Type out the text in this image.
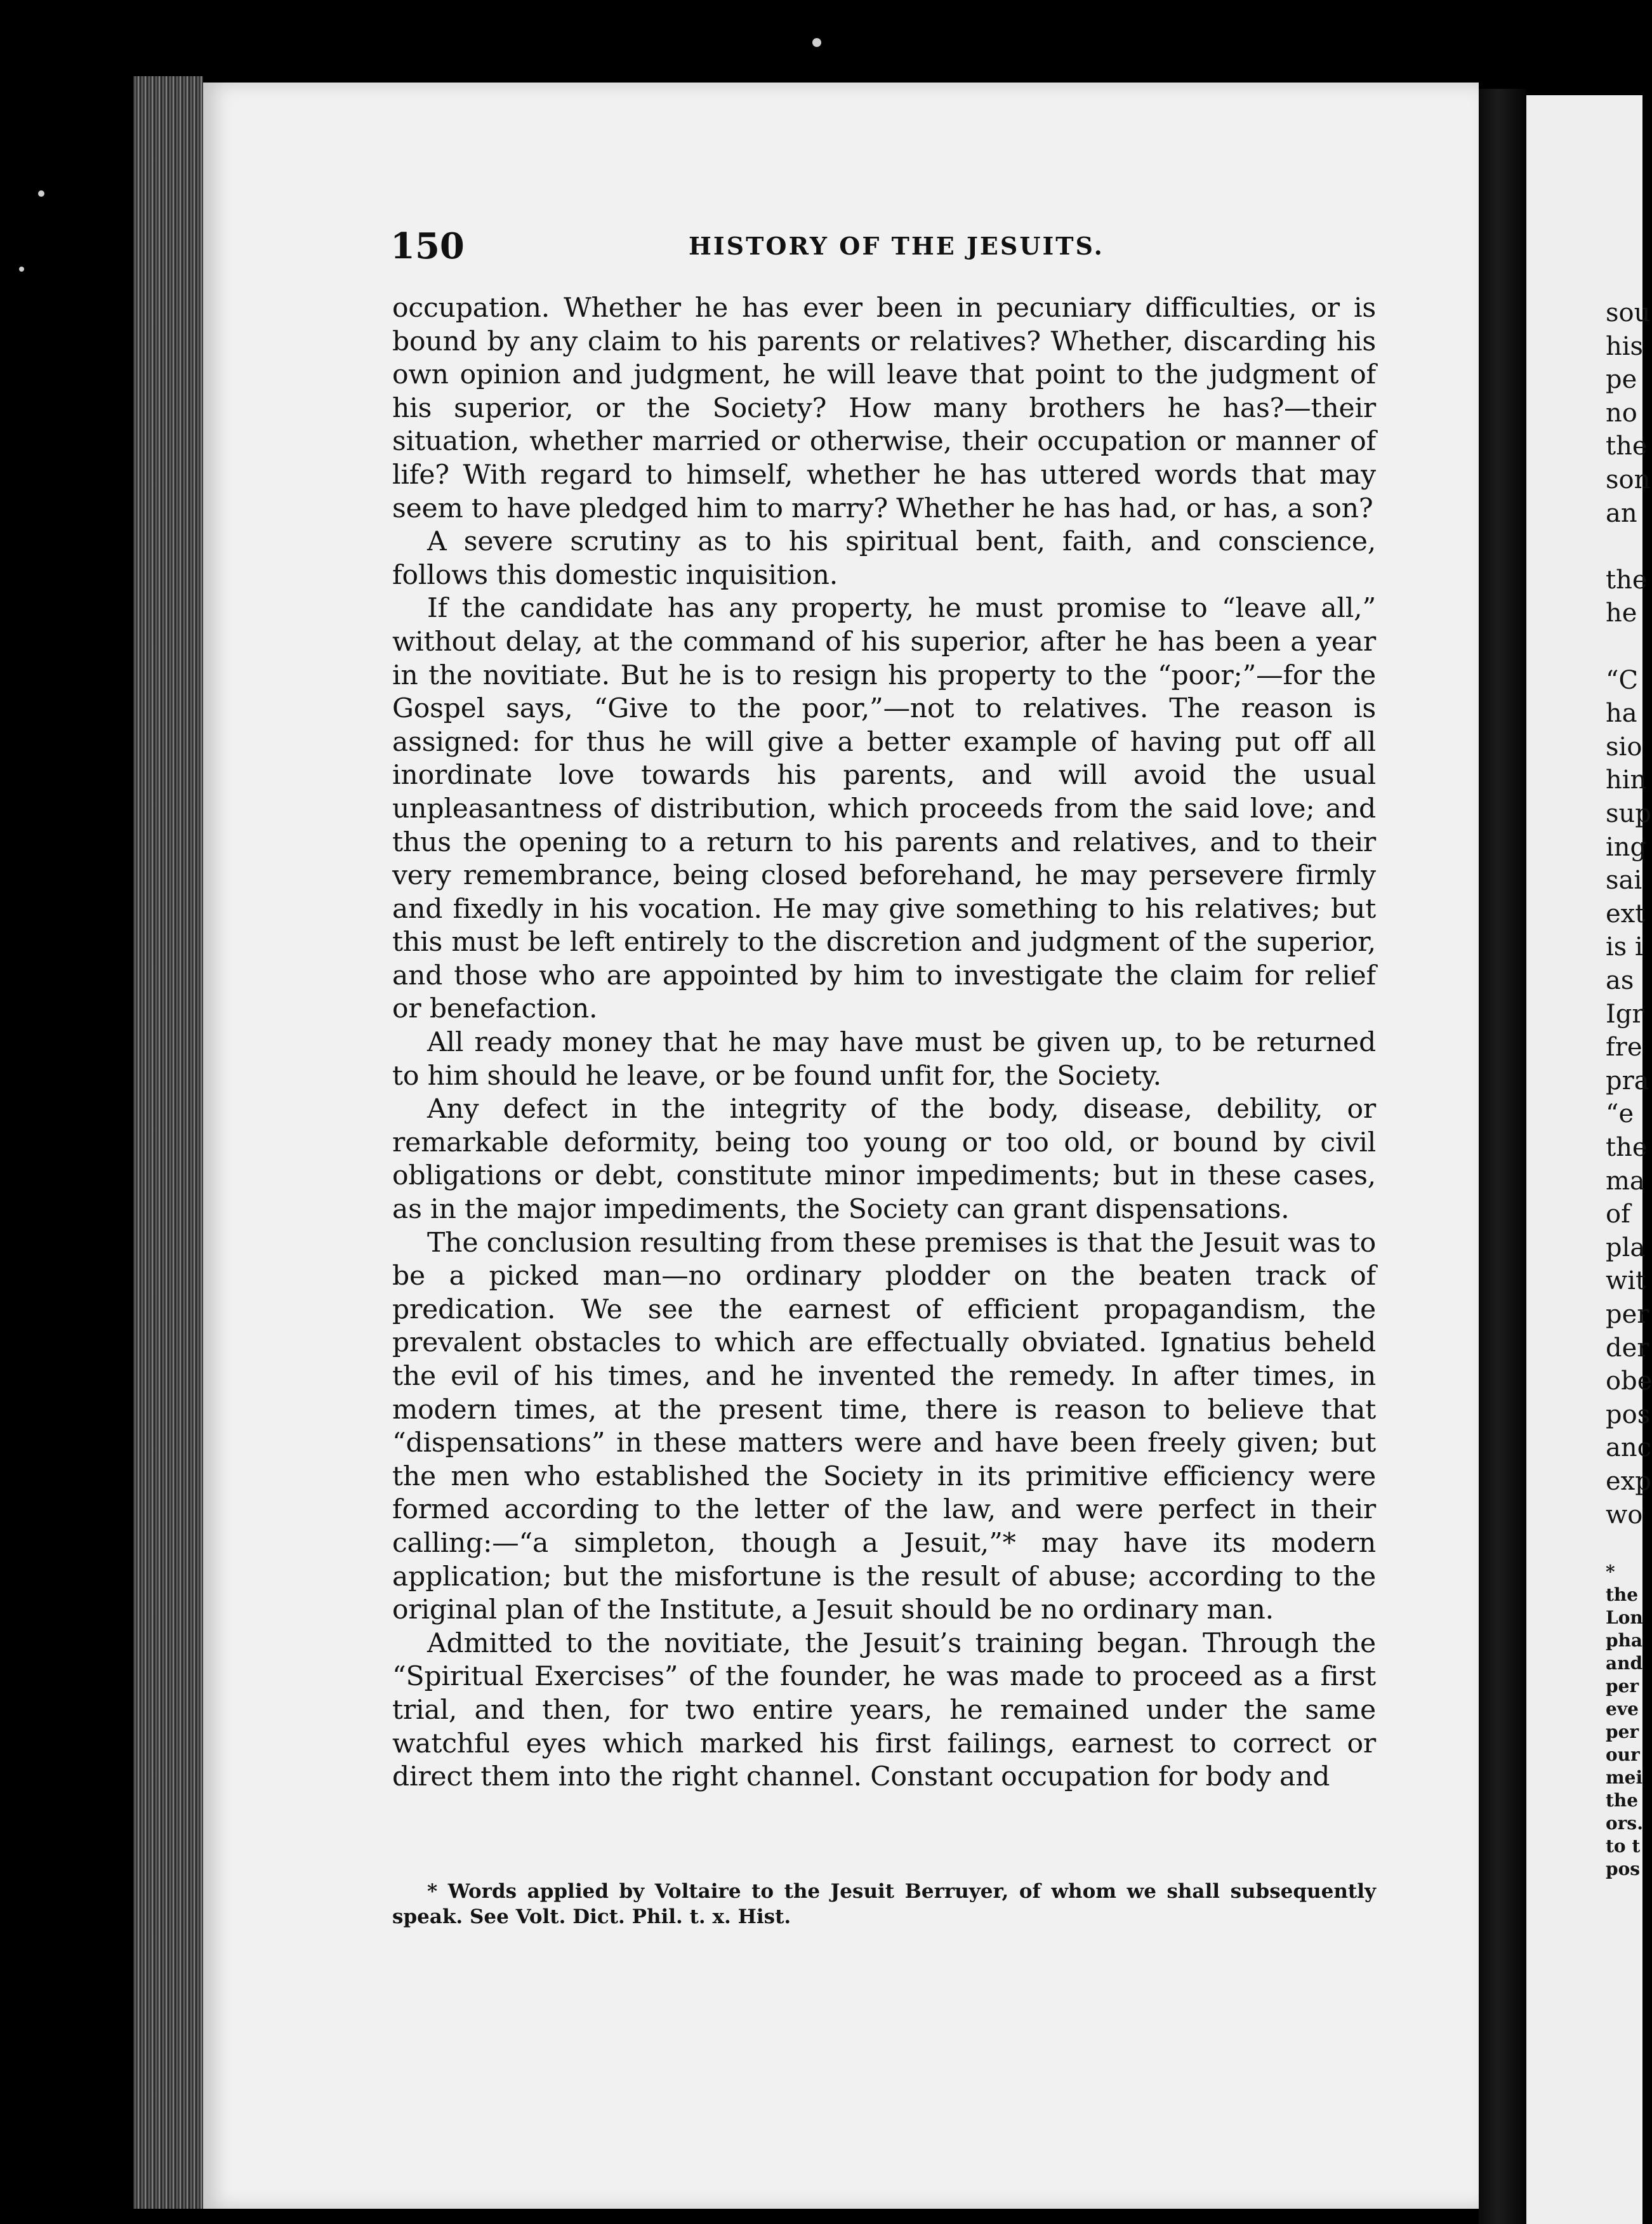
sou
his
pe
no
the
son
an
the
he
“C
ha
sio
hin
sup
ing
sai
ext
is i
as
Igr
fre
pra
“e
the
ma
of
pla
wit
per
der
obe
pos
anc
exp
wo
*
the
Lon
pha
and
per
eve
per
our
mei
the
ors.
to t
pos
150	HISTORY OF THE JESUITS.

occupation. Whether he has ever been in pecuniary difficulties, or is bound by any claim to his parents or relatives? Whether, discarding his own opinion and judgment, he will leave that point to the judgment of his superior, or the Society? How many brothers he has?—their situation, whether married or otherwise, their occupation or manner of life? With regard to himself, whether he has uttered words that may seem to have pledged him to marry? Whether he has had, or has, a son?

A severe scrutiny as to his spiritual bent, faith, and conscience, follows this domestic inquisition.

If the candidate has any property, he must promise to “leave all,” without delay, at the command of his superior, after he has been a year in the novitiate. But he is to resign his property to the “poor;”—for the Gospel says, “Give to the poor,”—not to relatives. The reason is assigned: for thus he will give a better example of having put off all inordinate love towards his parents, and will avoid the usual unpleasantness of distribution, which proceeds from the said love; and thus the opening to a return to his parents and relatives, and to their very remembrance, being closed beforehand, he may persevere firmly and fixedly in his vocation. He may give something to his relatives; but this must be left entirely to the discretion and judgment of the superior, and those who are appointed by him to investigate the claim for relief or benefaction.

All ready money that he may have must be given up, to be returned to him should he leave, or be found unfit for, the Society.

Any defect in the integrity of the body, disease, debility, or remarkable deformity, being too young or too old, or bound by civil obligations or debt, constitute minor impediments; but in these cases, as in the major impediments, the Society can grant dispensations.

The conclusion resulting from these premises is that the Jesuit was to be a picked man—no ordinary plodder on the beaten track of predication. We see the earnest of efficient propagandism, the prevalent obstacles to which are effectually obviated. Ignatius beheld the evil of his times, and he invented the remedy. In after times, in modern times, at the present time, there is reason to believe that “dispensations” in these matters were and have been freely given; but the men who established the Society in its primitive efficiency were formed according to the letter of the law, and were perfect in their calling:—“a simpleton, though a Jesuit,”* may have its modern application; but the misfortune is the result of abuse; according to the original plan of the Institute, a Jesuit should be no ordinary man.

Admitted to the novitiate, the Jesuit’s training began. Through the “Spiritual Exercises” of the founder, he was made to proceed as a first trial, and then, for two entire years, he remained under the same watchful eyes which marked his first failings, earnest to correct or direct them into the right channel. Constant occupation for body and

* Words applied by Voltaire to the Jesuit Berruyer, of whom we shall subsequently speak. See Volt. Dict. Phil. t. x. Hist.
